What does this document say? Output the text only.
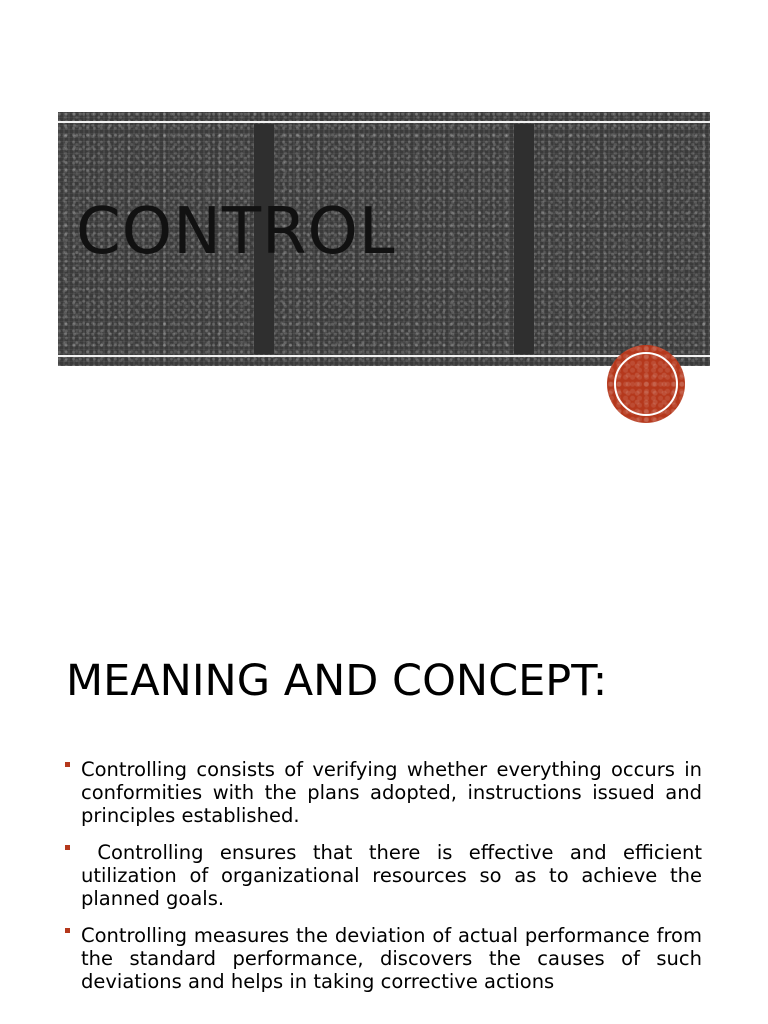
CONTROL
MEANING AND CONCEPT:
Controlling consists of verifying whether everything occurs in conformities with the plans adopted, instructions issued and principles established.
Controlling ensures that there is effective and efficient utilization of organizational resources so as to achieve the planned goals.
Controlling measures the deviation of actual performance from the standard performance, discovers the causes of such deviations and helps in taking corrective actions
